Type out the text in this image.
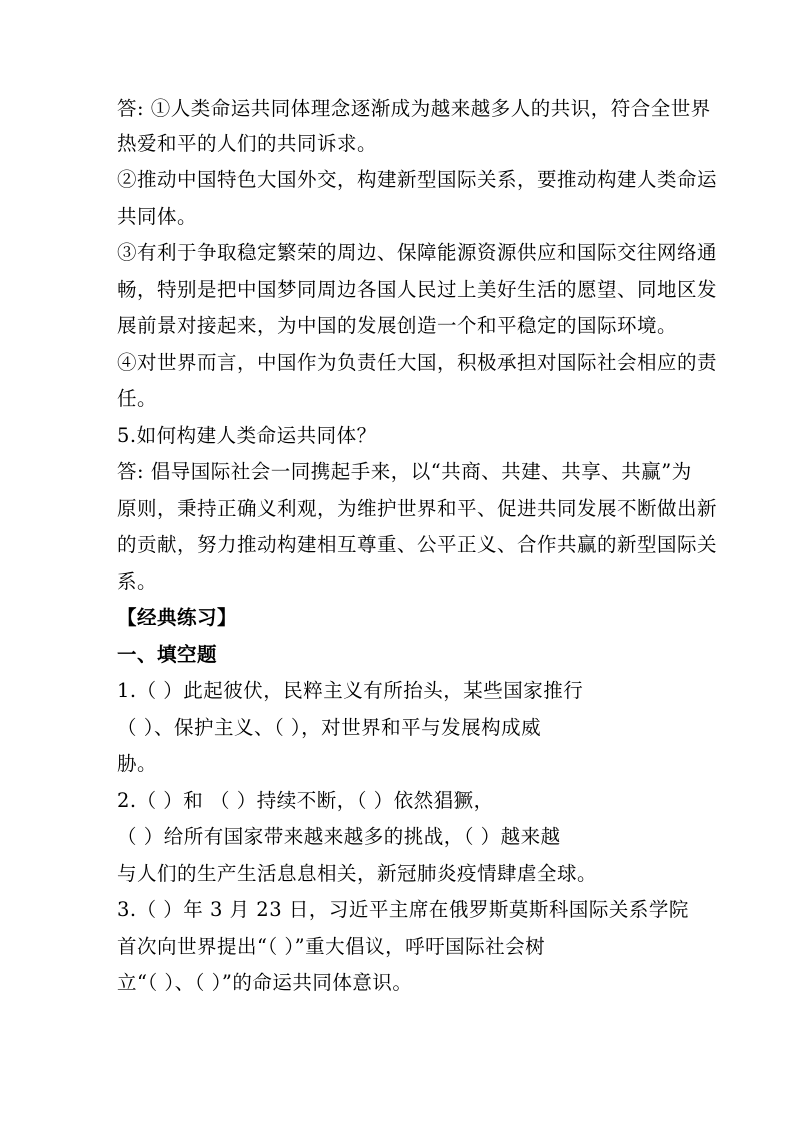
答: ①人类命运共同体理念逐渐成为越来越多人的共识，符合全世界
热爱和平的人们的共同诉求。
②推动中国特色大国外交，构建新型国际关系，要推动构建人类命运
共同体。
③有利于争取稳定繁荣的周边、保障能源资源供应和国际交往网络通
畅，特别是把中国梦同周边各国人民过上美好生活的愿望、同地区发
展前景对接起来，为中国的发展创造一个和平稳定的国际环境。
④对世界而言，中国作为负责任大国，积极承担对国际社会相应的责
任。
5.如何构建人类命运共同体？
答: 倡导国际社会一同携起手来，以“共商、共建、共享、共赢”为
原则，秉持正确义利观，为维护世界和平、促进共同发展不断做出新
的贡献，努力推动构建相互尊重、公平正义、合作共赢的新型国际关
系。
【经典练习】
一、填空题
1.（ ）此起彼伏，民粹主义有所抬头，某些国家推行
（ ）、保护主义、（ ），对世界和平与发展构成威
胁。
2.（ ）和 （ ）持续不断，（ ）依然猖獗，
（ ）给所有国家带来越来越多的挑战，（ ）越来越
与人们的生产生活息息相关，新冠肺炎疫情肆虐全球。
3.（ ）年 3 月 23 日，习近平主席在俄罗斯莫斯科国际关系学院
首次向世界提出“（ ）”重大倡议，呼吁国际社会树
立“（ ）、（ ）”的命运共同体意识。
